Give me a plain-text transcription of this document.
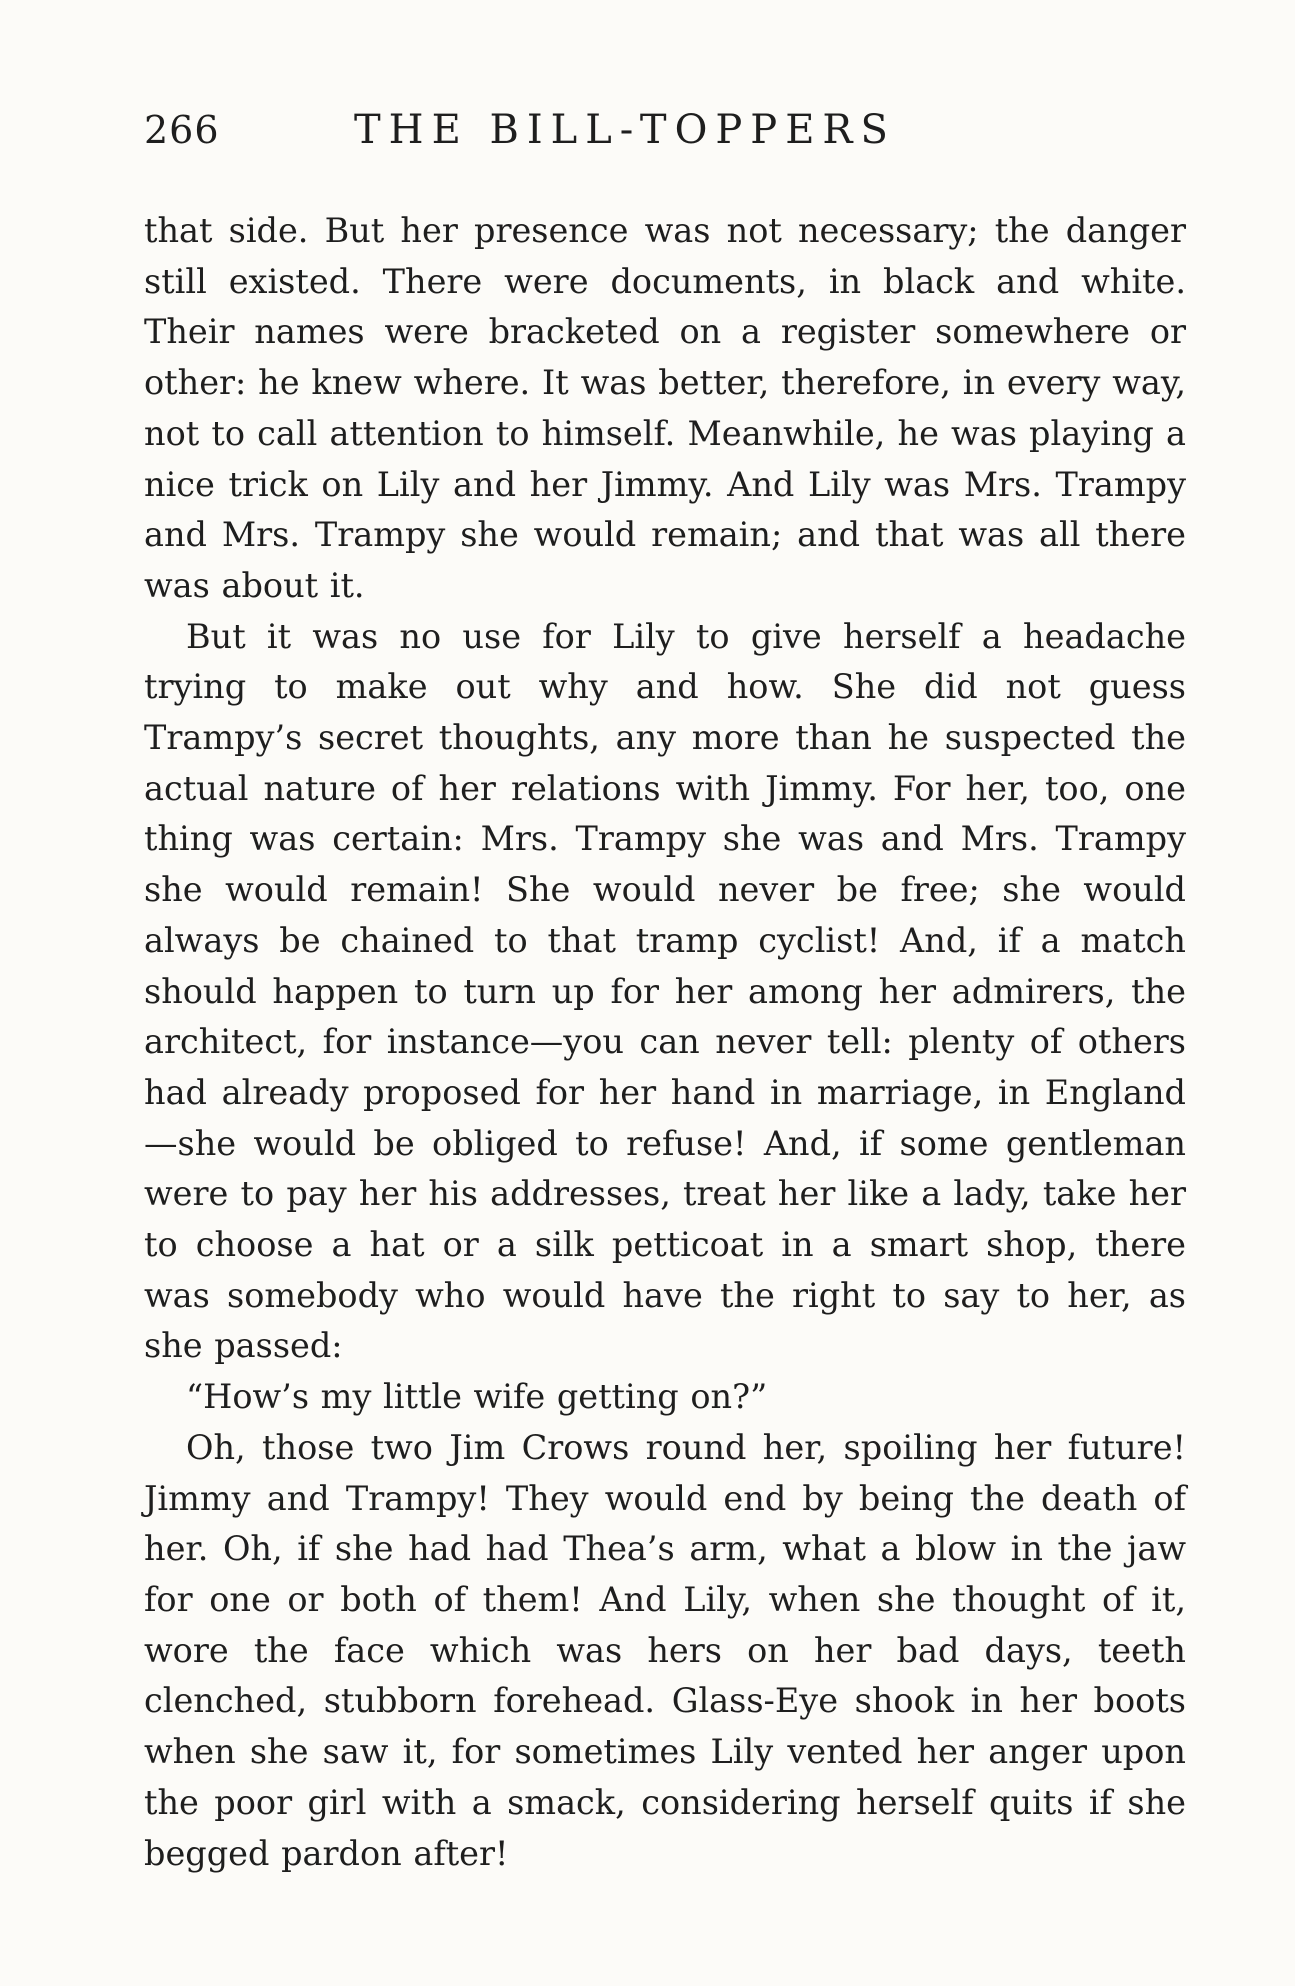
266	THE BILL-TOPPERS

that side. But her presence was not necessary; the danger still existed. There were documents, in black and white. Their names were bracketed on a register somewhere or other: he knew where. It was better, therefore, in every way, not to call attention to himself. Meanwhile, he was playing a nice trick on Lily and her Jimmy. And Lily was Mrs. Trampy and Mrs. Trampy she would remain; and that was all there was about it.

But it was no use for Lily to give herself a headache trying to make out why and how. She did not guess Trampy’s secret thoughts, any more than he suspected the actual nature of her relations with Jimmy. For her, too, one thing was certain: Mrs. Trampy she was and Mrs. Trampy she would remain! She would never be free; she would always be chained to that tramp cyclist! And, if a match should happen to turn up for her among her admirers, the architect, for instance—you can never tell: plenty of others had already proposed for her hand in marriage, in England—she would be obliged to refuse! And, if some gentleman were to pay her his addresses, treat her like a lady, take her to choose a hat or a silk petticoat in a smart shop, there was somebody who would have the right to say to her, as she passed:

“How’s my little wife getting on?”

Oh, those two Jim Crows round her, spoiling her future! Jimmy and Trampy! They would end by being the death of her. Oh, if she had had Thea’s arm, what a blow in the jaw for one or both of them! And Lily, when she thought of it, wore the face which was hers on her bad days, teeth clenched, stubborn forehead. Glass-Eye shook in her boots when she saw it, for sometimes Lily vented her anger upon the poor girl with a smack, considering herself quits if she begged pardon after!
